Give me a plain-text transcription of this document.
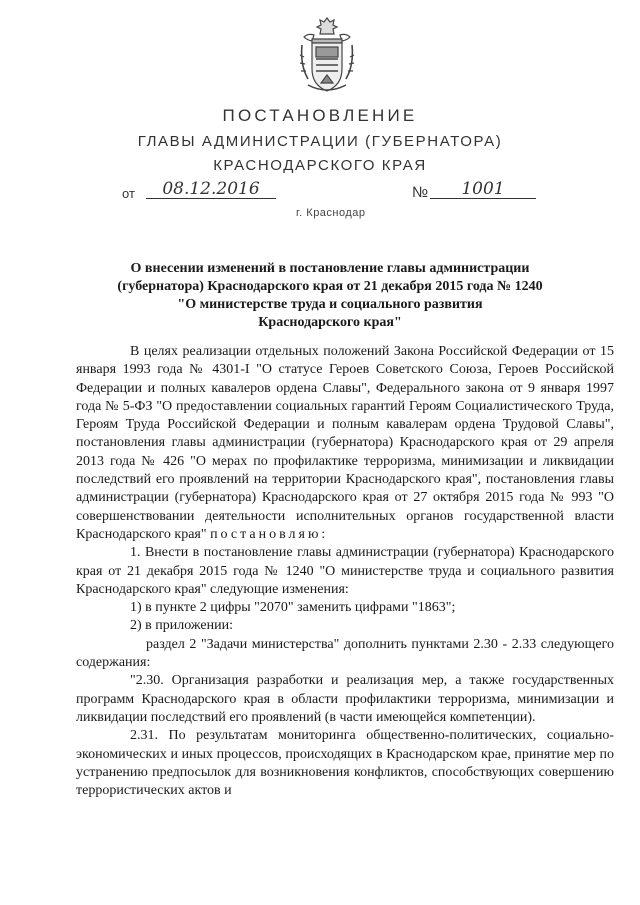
ПОСТАНОВЛЕНИЕ
ГЛАВЫ АДМИНИСТРАЦИИ (ГУБЕРНАТОРА)
КРАСНОДАРСКОГО КРАЯ
от	08.12.2016	№	1001
г. Краснодар
О внесении изменений в постановление главы администрации
(губернатора) Краснодарского края от 21 декабря 2015 года № 1240
"О министерстве труда и социального развития
Краснодарского края"

В целях реализации отдельных положений Закона Российской Федерации от 15 января 1993 года № 4301-I "О статусе Героев Советского Союза, Героев Российской Федерации и полных кавалеров ордена Славы", Федерального закона от 9 января 1997 года № 5-ФЗ "О предоставлении социальных гарантий Героям Социалистического Труда, Героям Труда Российской Федерации и полным кавалерам ордена Трудовой Славы", постановления главы администрации (губернатора) Краснодарского края от 29 апреля 2013 года № 426 "О мерах по профилактике терроризма, минимизации и ликвидации последствий его проявлений на территории Краснодарского края", постановления главы администрации (губернатора) Краснодарского края от 27 октября 2015 года № 993 "О совершенствовании деятельности исполнительных органов государственной власти Краснодарского края" постановляю:

1. Внести в постановление главы администрации (губернатора) Краснодарского края от 21 декабря 2015 года № 1240 "О министерстве труда и социального развития Краснодарского края" следующие изменения:

1) в пункте 2 цифры "2070" заменить цифрами "1863";

2) в приложении:

раздел 2 "Задачи министерства" дополнить пунктами 2.30 - 2.33 следующего содержания:

"2.30. Организация разработки и реализация мер, а также государственных программ Краснодарского края в области профилактики терроризма, минимизации и ликвидации последствий его проявлений (в части имеющейся компетенции).

2.31. По результатам мониторинга общественно-политических, социально-экономических и иных процессов, происходящих в Краснодарском крае, принятие мер по устранению предпосылок для возникновения конфликтов, способствующих совершению террористических актов и
